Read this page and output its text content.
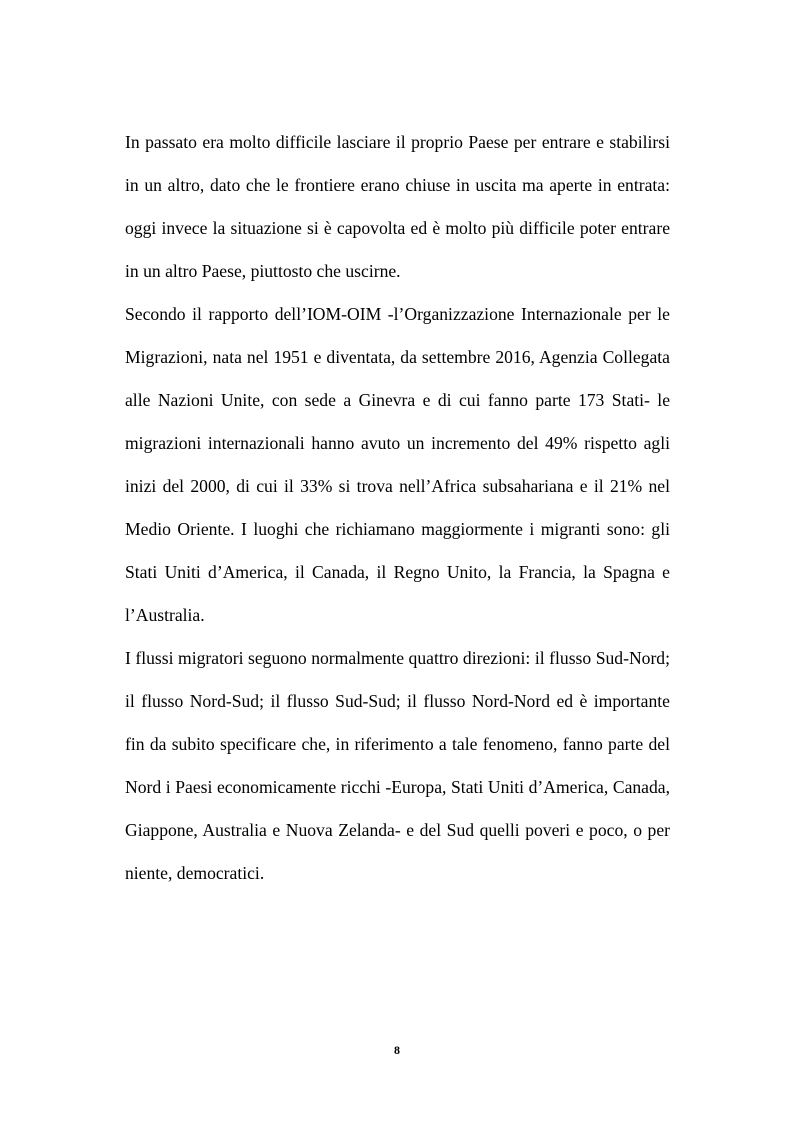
In passato era molto difficile lasciare il proprio Paese per entrare e stabilirsi in un altro, dato che le frontiere erano chiuse in uscita ma aperte in entrata: oggi invece la situazione si è capovolta ed è molto più difficile poter entrare in un altro Paese, piuttosto che uscirne.

Secondo il rapporto dell’IOM-OIM -l’Organizzazione Internazionale per le Migrazioni, nata nel 1951 e diventata, da settembre 2016, Agenzia Collegata alle Nazioni Unite, con sede a Ginevra e di cui fanno parte 173 Stati- le migrazioni internazionali hanno avuto un incremento del 49% rispetto agli inizi del 2000, di cui il 33% si trova nell’Africa subsahariana e il 21% nel Medio Oriente. I luoghi che richiamano maggiormente i migranti sono: gli Stati Uniti d’America, il Canada, il Regno Unito, la Francia, la Spagna e l’Australia.

I flussi migratori seguono normalmente quattro direzioni: il flusso Sud-Nord; il flusso Nord-Sud; il flusso Sud-Sud; il flusso Nord-Nord ed è importante fin da subito specificare che, in riferimento a tale fenomeno, fanno parte del Nord i Paesi economicamente ricchi -Europa, Stati Uniti d’America, Canada, Giappone, Australia e Nuova Zelanda- e del Sud quelli poveri e poco, o per niente, democratici.

8
